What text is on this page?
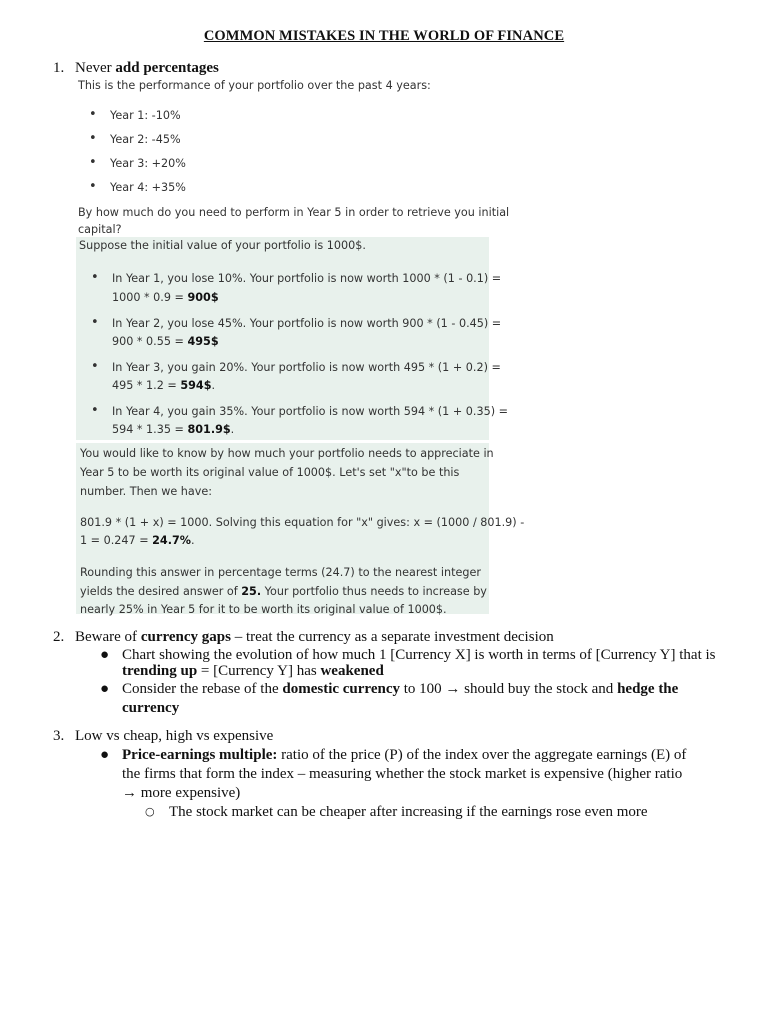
COMMON MISTAKES IN THE WORLD OF FINANCE
1. Never add percentages
This is the performance of your portfolio over the past 4 years:
• Year 1: -10%
• Year 2: -45%
• Year 3: +20%
• Year 4: +35%
By how much do you need to perform in Year 5 in order to retrieve you initial
capital?
Suppose the initial value of your portfolio is 1000$.
• In Year 1, you lose 10%. Your portfolio is now worth 1000 * (1 - 0.1) =
1000 * 0.9 = 900$
• In Year 2, you lose 45%. Your portfolio is now worth 900 * (1 - 0.45) =
900 * 0.55 = 495$
• In Year 3, you gain 20%. Your portfolio is now worth 495 * (1 + 0.2) =
495 * 1.2 = 594$.
• In Year 4, you gain 35%. Your portfolio is now worth 594 * (1 + 0.35) =
594 * 1.35 = 801.9$.
You would like to know by how much your portfolio needs to appreciate in
Year 5 to be worth its original value of 1000$. Let's set "x"to be this
number. Then we have:
801.9 * (1 + x) = 1000. Solving this equation for "x" gives: x = (1000 / 801.9) -
1 = 0.247 = 24.7%.
Rounding this answer in percentage terms (24.7) to the nearest integer
yields the desired answer of 25. Your portfolio thus needs to increase by
nearly 25% in Year 5 for it to be worth its original value of 1000$.
2. Beware of currency gaps – treat the currency as a separate investment decision
● Chart showing the evolution of how much 1 [Currency X] is worth in terms of [Currency Y] that is
trending up = [Currency Y] has weakened
● Consider the rebase of the domestic currency to 100 → should buy the stock and hedge the
currency
3. Low vs cheap, high vs expensive
● Price-earnings multiple: ratio of the price (P) of the index over the aggregate earnings (E) of
the firms that form the index – measuring whether the stock market is expensive (higher ratio
→ more expensive)
○ The stock market can be cheaper after increasing if the earnings rose even more
